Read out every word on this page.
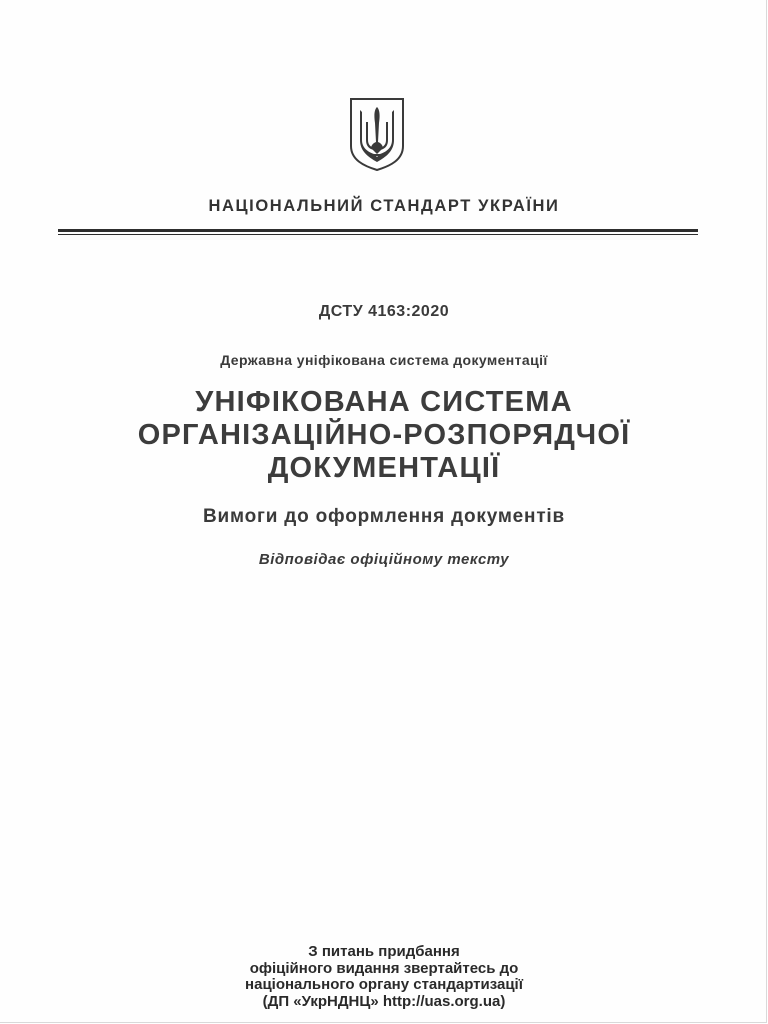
НАЦІОНАЛЬНИЙ СТАНДАРТ УКРАЇНИ
ДСТУ 4163:2020
Державна уніфікована система документації
УНІФІКОВАНА СИСТЕМА
ОРГАНІЗАЦІЙНО-РОЗПОРЯДЧОЇ
ДОКУМЕНТАЦІЇ
Вимоги до оформлення документів
Відповідає офіційному тексту
З питань придбання
офіційного видання звертайтесь до
національного органу стандартизації
(ДП «УкрНДНЦ» http://uas.org.ua)
